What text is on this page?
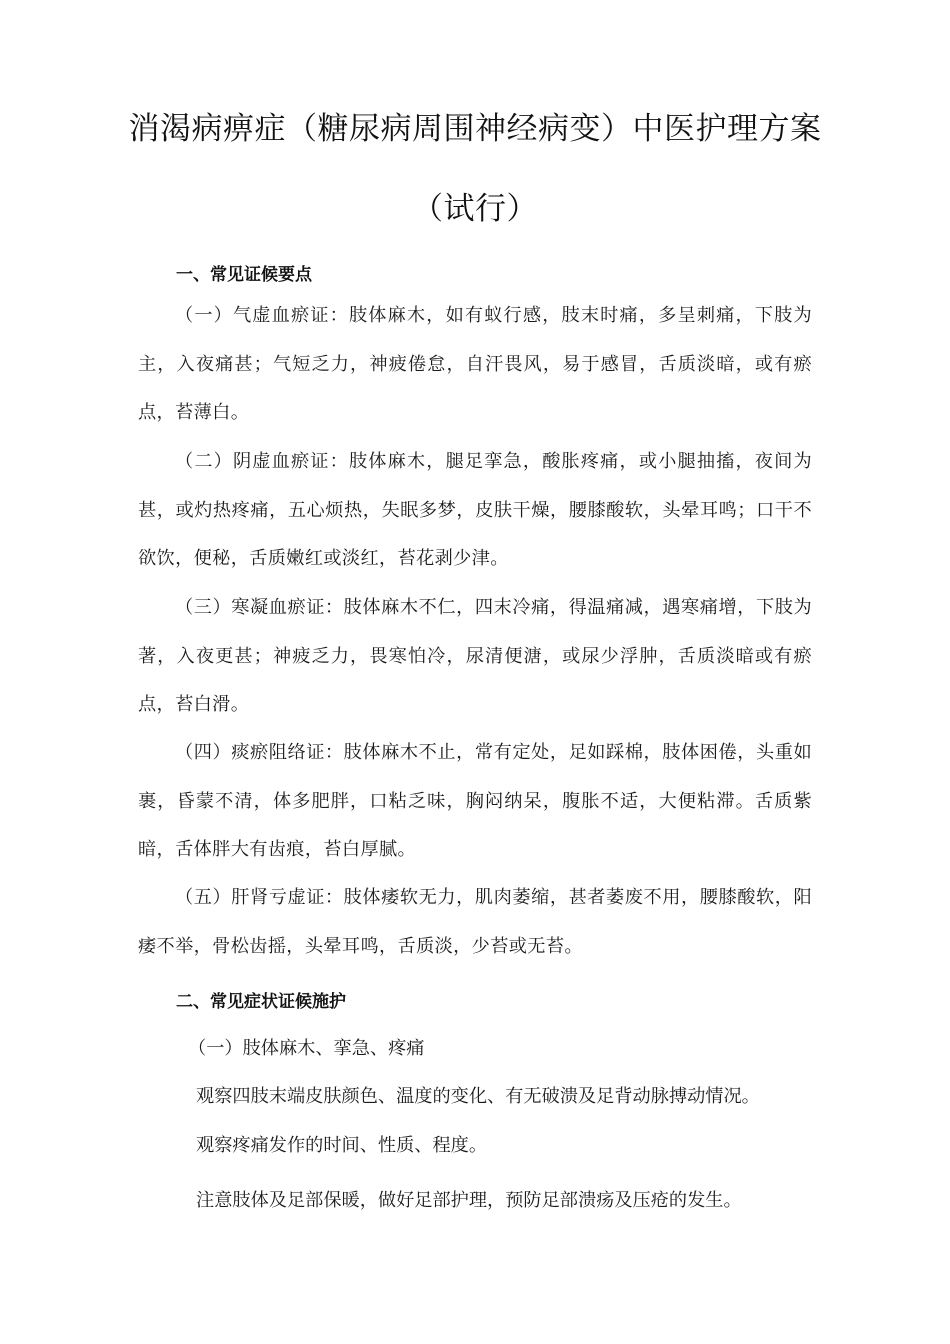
消渴病痹症（糖尿病周围神经病变）中医护理方案
（试行）
一、常见证候要点

（一）气虚血瘀证：肢体麻木，如有蚁行感，肢末时痛，多呈刺痛，下肢为主，入夜痛甚；气短乏力，神疲倦怠，自汗畏风，易于感冒，舌质淡暗，或有瘀点，苔薄白。

（二）阴虚血瘀证：肢体麻木，腿足挛急，酸胀疼痛，或小腿抽搐，夜间为甚，或灼热疼痛，五心烦热，失眠多梦，皮肤干燥，腰膝酸软，头晕耳鸣；口干不欲饮，便秘，舌质嫩红或淡红，苔花剥少津。

（三）寒凝血瘀证：肢体麻木不仁，四末冷痛，得温痛减，遇寒痛增，下肢为著，入夜更甚；神疲乏力，畏寒怕冷，尿清便溏，或尿少浮肿，舌质淡暗或有瘀点，苔白滑。

（四）痰瘀阻络证：肢体麻木不止，常有定处，足如踩棉，肢体困倦，头重如裹，昏蒙不清，体多肥胖，口粘乏味，胸闷纳呆，腹胀不适，大便粘滞。舌质紫暗，舌体胖大有齿痕，苔白厚腻。

（五）肝肾亏虚证：肢体痿软无力，肌肉萎缩，甚者萎废不用，腰膝酸软，阳痿不举，骨松齿摇，头晕耳鸣，舌质淡，少苔或无苔。

二、常见症状证候施护
（一）肢体麻木、挛急、疼痛
观察四肢末端皮肤颜色、温度的变化、有无破溃及足背动脉搏动情况。
观察疼痛发作的时间、性质、程度。
注意肢体及足部保暖，做好足部护理，预防足部溃疡及压疮的发生。
